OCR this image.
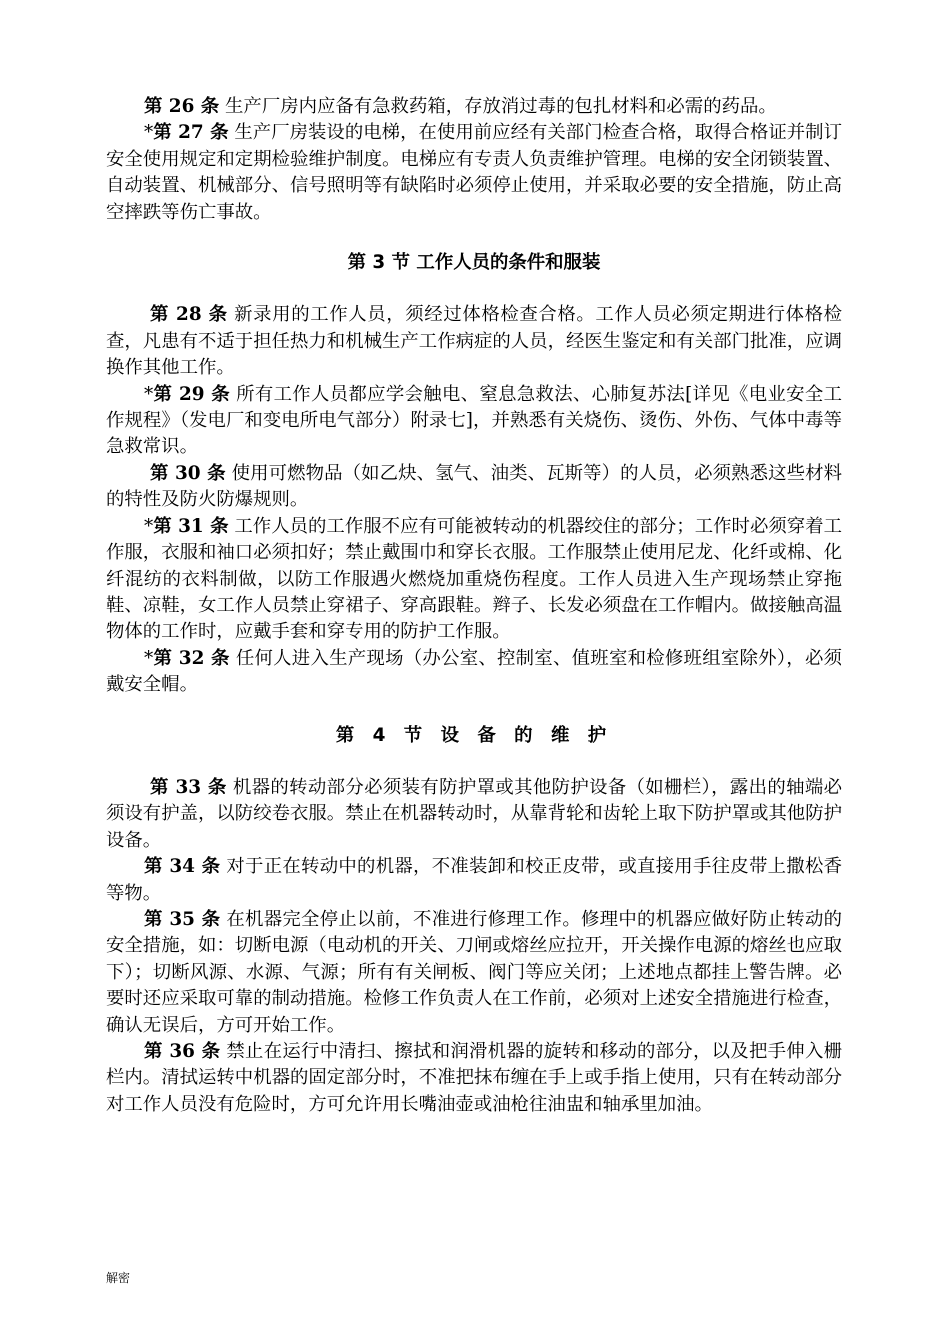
第 26 条 生产厂房内应备有急救药箱，存放消过毒的包扎材料和必需的药品。

*第 27 条 生产厂房装设的电梯，在使用前应经有关部门检查合格，取得合格证并制订安全使用规定和定期检验维护制度。电梯应有专责人负责维护管理。电梯的安全闭锁装置、自动装置、机械部分、信号照明等有缺陷时必须停止使用，并采取必要的安全措施，防止高空摔跌等伤亡事故。

第 3 节 工作人员的条件和服装

第 28 条 新录用的工作人员，须经过体格检查合格。工作人员必须定期进行体格检查，凡患有不适于担任热力和机械生产工作病症的人员，经医生鉴定和有关部门批准，应调换作其他工作。

*第 29 条 所有工作人员都应学会触电、窒息急救法、心肺复苏法[详见《电业安全工作规程》（发电厂和变电所电气部分）附录七]，并熟悉有关烧伤、烫伤、外伤、气体中毒等急救常识。

第 30 条 使用可燃物品（如乙炔、氢气、油类、瓦斯等）的人员，必须熟悉这些材料的特性及防火防爆规则。

*第 31 条 工作人员的工作服不应有可能被转动的机器绞住的部分；工作时必须穿着工作服，衣服和袖口必须扣好；禁止戴围巾和穿长衣服。工作服禁止使用尼龙、化纤或棉、化纤混纺的衣料制做，以防工作服遇火燃烧加重烧伤程度。工作人员进入生产现场禁止穿拖鞋、凉鞋，女工作人员禁止穿裙子、穿高跟鞋。辫子、长发必须盘在工作帽内。做接触高温物体的工作时，应戴手套和穿专用的防护工作服。

*第 32 条 任何人进入生产现场（办公室、控制室、值班室和检修班组室除外），必须戴安全帽。

第 4 节 设 备 的 维 护

第 33 条 机器的转动部分必须装有防护罩或其他防护设备（如栅栏），露出的轴端必须设有护盖，以防绞卷衣服。禁止在机器转动时，从靠背轮和齿轮上取下防护罩或其他防护设备。

第 34 条 对于正在转动中的机器，不准装卸和校正皮带，或直接用手往皮带上撒松香等物。

第 35 条 在机器完全停止以前，不准进行修理工作。修理中的机器应做好防止转动的安全措施，如：切断电源（电动机的开关、刀闸或熔丝应拉开，开关操作电源的熔丝也应取下）；切断风源、水源、气源；所有有关闸板、阀门等应关闭；上述地点都挂上警告牌。必要时还应采取可靠的制动措施。检修工作负责人在工作前，必须对上述安全措施进行检查，确认无误后，方可开始工作。

第 36 条 禁止在运行中清扫、擦拭和润滑机器的旋转和移动的部分，以及把手伸入栅栏内。清拭运转中机器的固定部分时，不准把抹布缠在手上或手指上使用，只有在转动部分对工作人员没有危险时，方可允许用长嘴油壶或油枪往油盅和轴承里加油。

解密
